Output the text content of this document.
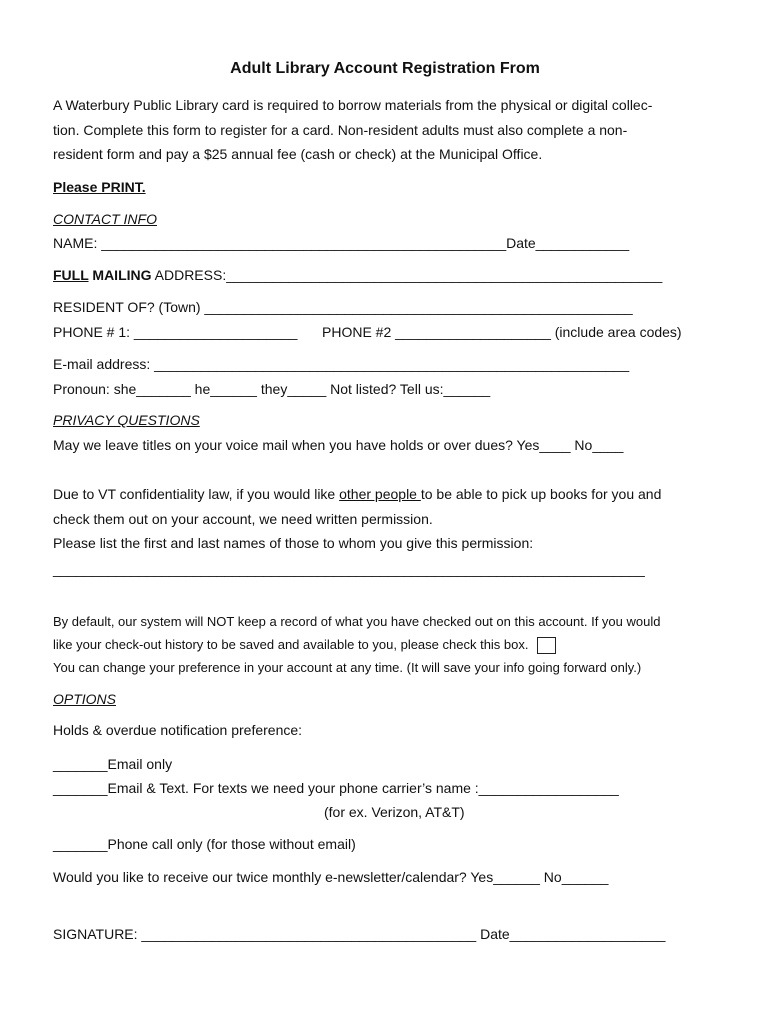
Adult Library Account Registration From
A Waterbury Public Library card is required to borrow materials from the physical or digital collec-
tion. Complete this form to register for a card. Non-resident adults must also complete a non-
resident form and pay a $25 annual fee (cash or check) at the Municipal Office.
Please PRINT.
CONTACT INFO
NAME: ____________________________________________________Date____________
FULL MAILING ADDRESS:________________________________________________________
RESIDENT OF? (Town) _______________________________________________________
PHONE # 1: _____________________ PHONE #2 ____________________ (include area codes)
E-mail address: _____________________________________________________________
Pronoun: she_______ he______ they_____ Not listed? Tell us:______
PRIVACY QUESTIONS
May we leave titles on your voice mail when you have holds or over dues? Yes____ No____
Due to VT confidentiality law, if you would like other people to be able to pick up books for you and
check them out on your account, we need written permission.
Please list the first and last names of those to whom you give this permission:
____________________________________________________________________________
By default, our system will NOT keep a record of what you have checked out on this account. If you would
like your check-out history to be saved and available to you, please check this box.
You can change your preference in your account at any time. (It will save your info going forward only.)
OPTIONS
Holds & overdue notification preference:
_______Email only
_______Email & Text. For texts we need your phone carrier’s name :__________________
(for ex. Verizon, AT&T)
_______Phone call only (for those without email)
Would you like to receive our twice monthly e-newsletter/calendar? Yes______ No______
SIGNATURE: ___________________________________________ Date____________________
